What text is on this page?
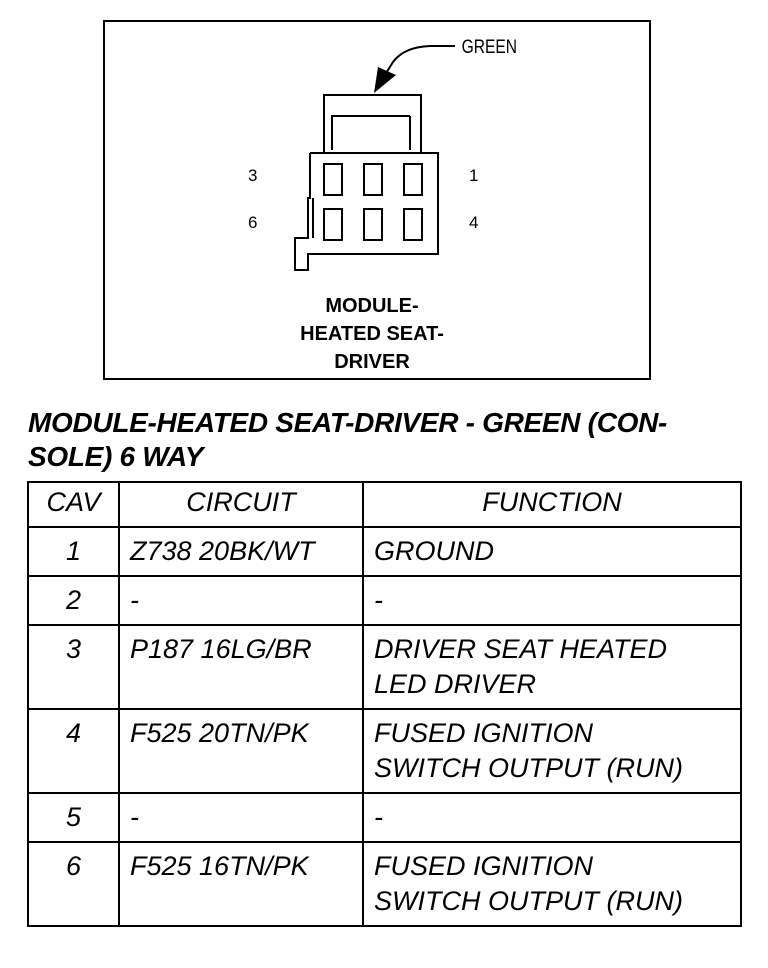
GREEN
3
6
1
4
MODULE-
HEATED SEAT-
DRIVER
MODULE-HEATED SEAT-DRIVER - GREEN (CON-
SOLE) 6 WAY
CAV	CIRCUIT	FUNCTION
1	Z738 20BK/WT	GROUND
2	-	-
3	P187 16LG/BR	DRIVER SEAT HEATED
LED DRIVER
4	F525 20TN/PK	FUSED IGNITION
SWITCH OUTPUT (RUN)
5	-	-
6	F525 16TN/PK	FUSED IGNITION
SWITCH OUTPUT (RUN)
